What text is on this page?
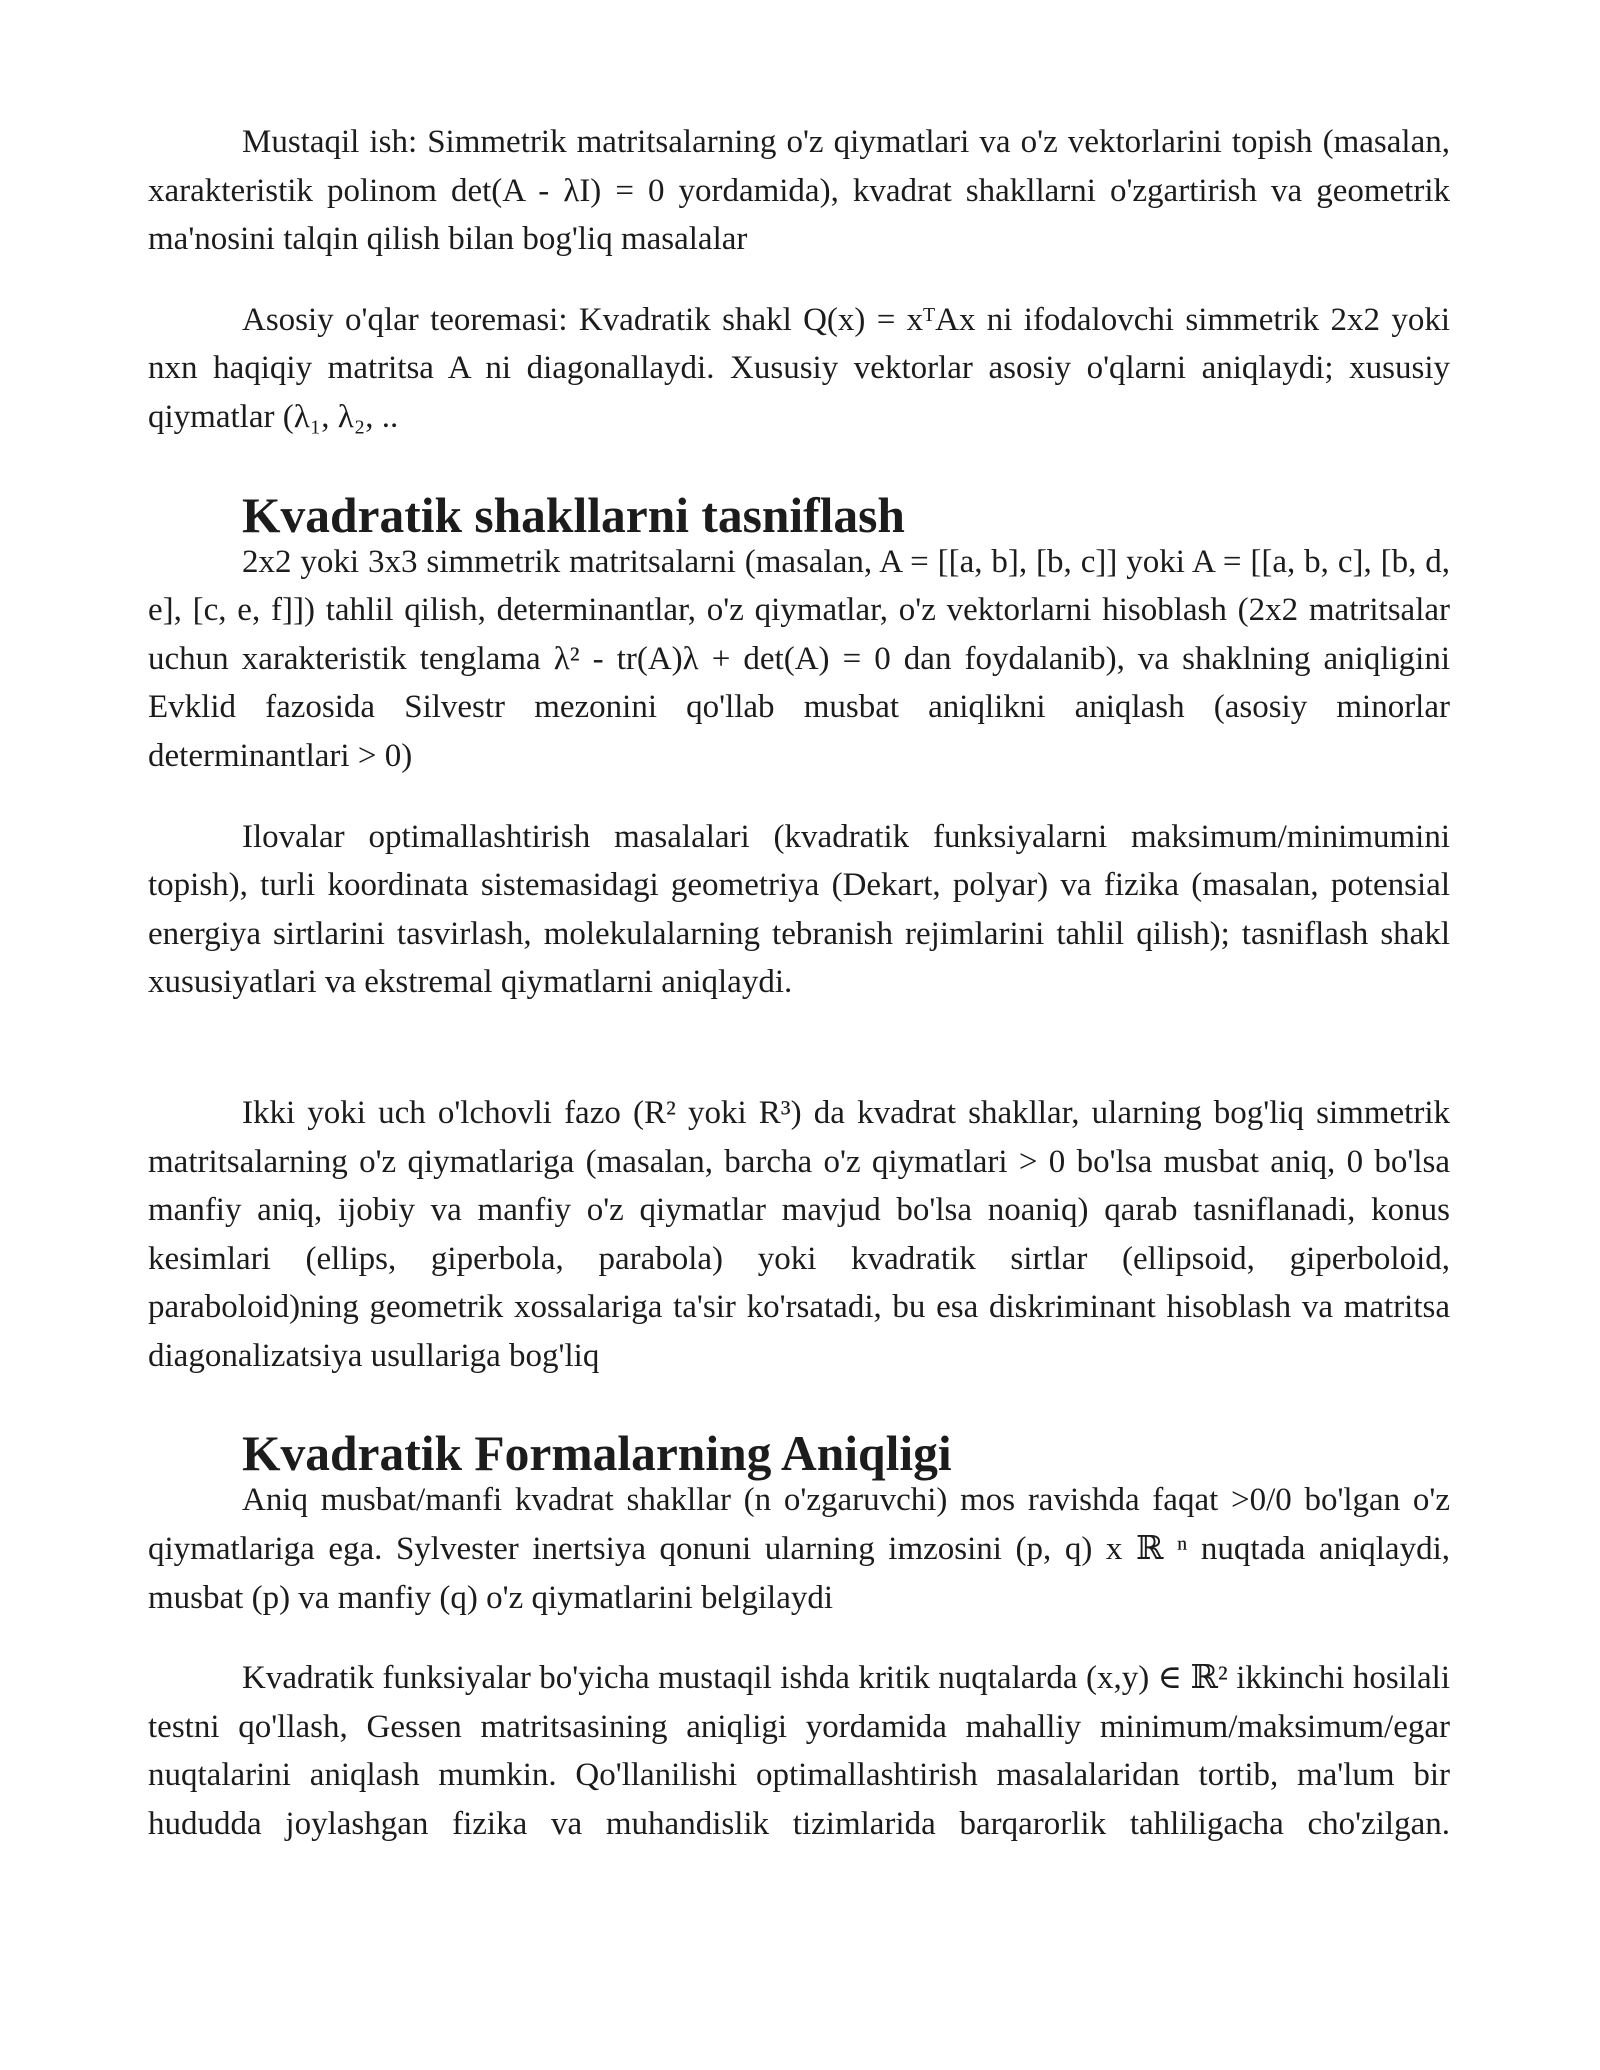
Mustaqil ish: Simmetrik matritsalarning o'z qiymatlari va o'z vektorlarini topish (masalan, xarakteristik polinom det(A - λI) = 0 yordamida), kvadrat shakllarni o'zgartirish va geometrik ma'nosini talqin qilish bilan bog'liq masalalar

Asosiy o'qlar teoremasi: Kvadratik shakl Q(x) = xᵀAx ni ifodalovchi simmetrik 2x2 yoki nxn haqiqiy matritsa A ni diagonallaydi. Xususiy vektorlar asosiy o'qlarni aniqlaydi; xususiy qiymatlar (λ₁, λ₂, ..

Kvadratik shakllarni tasniflash

2x2 yoki 3x3 simmetrik matritsalarni (masalan, A = [[a, b], [b, c]] yoki A = [[a, b, c], [b, d, e], [c, e, f]]) tahlil qilish, determinantlar, o'z qiymatlar, o'z vektorlarni hisoblash (2x2 matritsalar uchun xarakteristik tenglama λ² - tr(A)λ + det(A) = 0 dan foydalanib), va shaklning aniqligini Evklid fazosida Silvestr mezonini qo'llab musbat aniqlikni aniqlash (asosiy minorlar determinantlari > 0)

Ilovalar optimallashtirish masalalari (kvadratik funksiyalarni maksimum/minimumini topish), turli koordinata sistemasidagi geometriya (Dekart, polyar) va fizika (masalan, potensial energiya sirtlarini tasvirlash, molekulalarning tebranish rejimlarini tahlil qilish); tasniflash shakl xususiyatlari va ekstremal qiymatlarni aniqlaydi.

Ikki yoki uch o'lchovli fazo (R² yoki R³) da kvadrat shakllar, ularning bog'liq simmetrik matritsalarning o'z qiymatlariga (masalan, barcha o'z qiymatlari > 0 bo'lsa musbat aniq, 0 bo'lsa manfiy aniq, ijobiy va manfiy o'z qiymatlar mavjud bo'lsa noaniq) qarab tasniflanadi, konus kesimlari (ellips, giperbola, parabola) yoki kvadratik sirtlar (ellipsoid, giperboloid, paraboloid)ning geometrik xossalariga ta'sir ko'rsatadi, bu esa diskriminant hisoblash va matritsa diagonalizatsiya usullariga bog'liq

Kvadratik Formalarning Aniqligi

Aniq musbat/manfi kvadrat shakllar (n o'zgaruvchi) mos ravishda faqat >0/0 bo'lgan o'z qiymatlariga ega. Sylvester inertsiya qonuni ularning imzosini (p, q) x ℝ ⁿ nuqtada aniqlaydi, musbat (p) va manfiy (q) o'z qiymatlarini belgilaydi

Kvadratik funksiyalar bo'yicha mustaqil ishda kritik nuqtalarda (x,y) ∈ ℝ² ikkinchi hosilali testni qo'llash, Gessen matritsasining aniqligi yordamida mahalliy minimum/maksimum/egar nuqtalarini aniqlash mumkin. Qo'llanilishi optimallashtirish masalalaridan tortib, ma'lum bir hududda joylashgan fizika va muhandislik tizimlarida barqarorlik tahliligacha cho'zilgan.
